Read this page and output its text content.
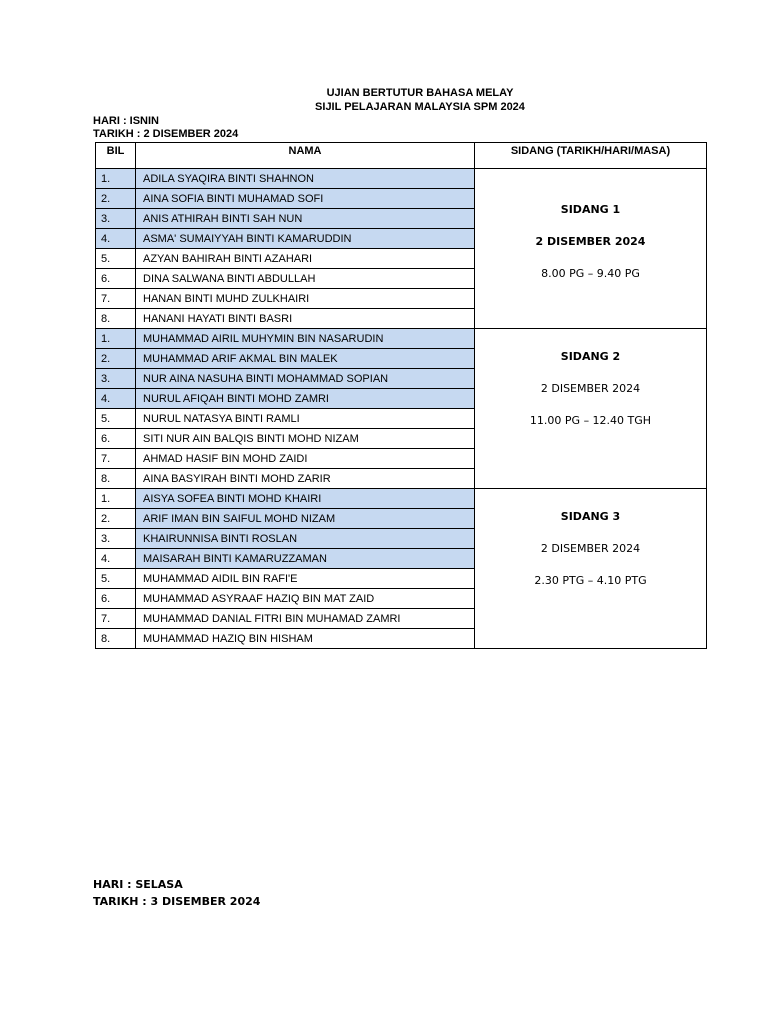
UJIAN BERTUTUR BAHASA MELAY
SIJIL PELAJARAN MALAYSIA SPM 2024
HARI : ISNIN
TARIKH : 2 DISEMBER 2024
BIL	NAMA	SIDANG (TARIKH/HARI/MASA)
1.	ADILA SYAQIRA BINTI SHAHNON	SIDANG 1
2 DISEMBER 2024
8.00 PG – 9.40 PG

2.	AINA SOFIA BINTI MUHAMAD SOFI	
3.	ANIS ATHIRAH BINTI SAH NUN	
4.	ASMA' SUMAIYYAH BINTI KAMARUDDIN	
5.	AZYAN BAHIRAH BINTI AZAHARI	
6.	DINA SALWANA BINTI ABDULLAH	
7.	HANAN BINTI MUHD ZULKHAIRI	
8.	HANANI HAYATI BINTI BASRI	
1.	MUHAMMAD AIRIL MUHYMIN BIN NASARUDIN	SIDANG 2
2 DISEMBER 2024
11.00 PG – 12.40 TGH

2.	MUHAMMAD ARIF AKMAL BIN MALEK	
3.	NUR AINA NASUHA BINTI MOHAMMAD SOPIAN	
4.	NURUL AFIQAH BINTI MOHD ZAMRI	
5.	NURUL NATASYA BINTI RAMLI	
6.	SITI NUR AIN BALQIS BINTI MOHD NIZAM	
7.	AHMAD HASIF BIN MOHD ZAIDI	
8.	AINA BASYIRAH BINTI MOHD ZARIR	
1.	AISYA SOFEA BINTI MOHD KHAIRI	SIDANG 3
2 DISEMBER 2024
2.30 PTG – 4.10 PTG

2.	ARIF IMAN BIN SAIFUL MOHD NIZAM	
3.	KHAIRUNNISA BINTI ROSLAN	
4.	MAISARAH BINTI KAMARUZZAMAN	
5.	MUHAMMAD AIDIL BIN RAFI'E	
6.	MUHAMMAD ASYRAAF HAZIQ BIN MAT ZAID	
7.	MUHAMMAD DANIAL FITRI BIN MUHAMAD ZAMRI	
8.	MUHAMMAD HAZIQ BIN HISHAM	
HARI : SELASA
TARIKH : 3 DISEMBER 2024
